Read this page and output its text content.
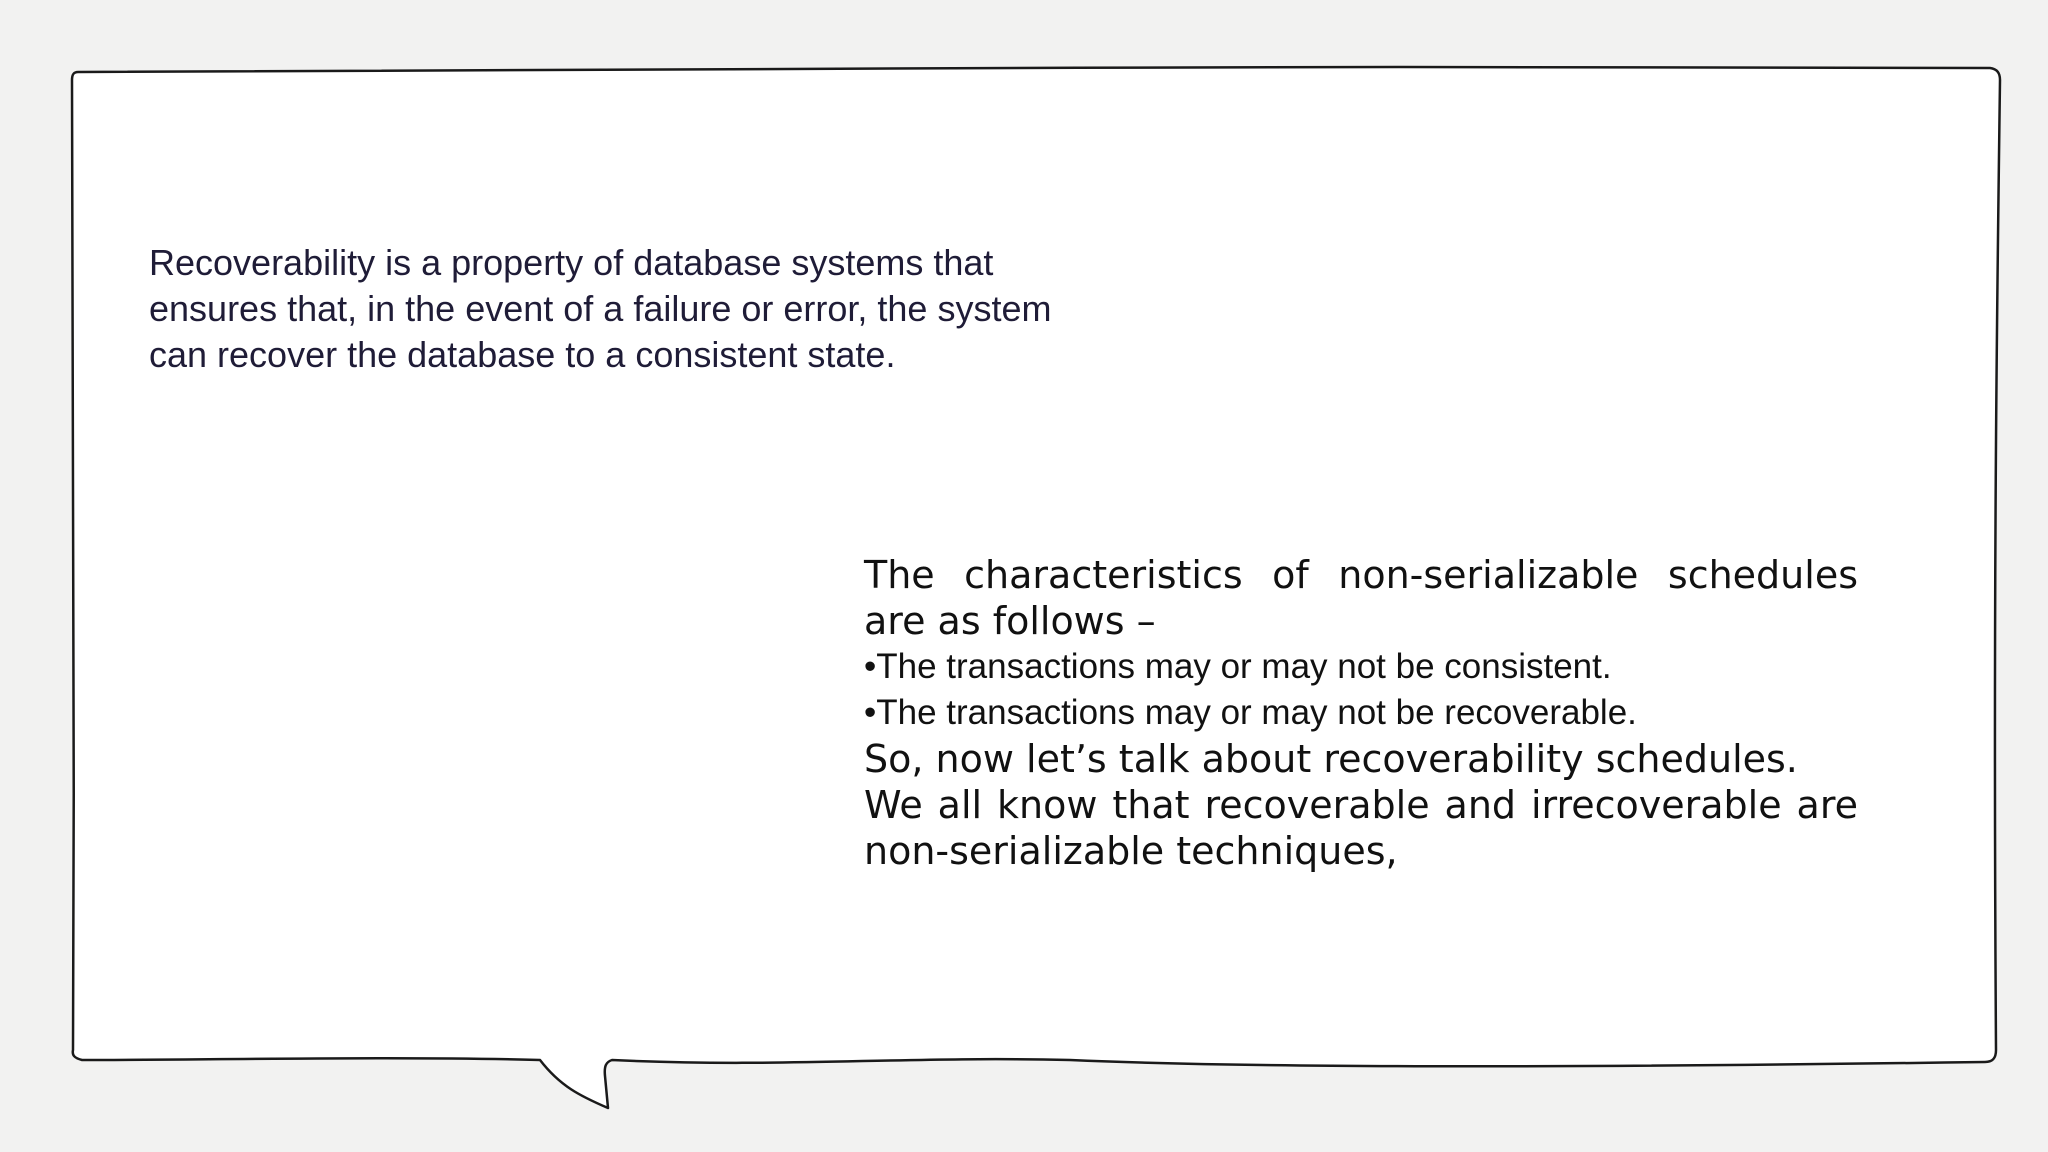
Recoverability is a property of database systems that
ensures that, in the event of a failure or error, the system
can recover the database to a consistent state.

The characteristics of non-serializable schedules are as follows –

•The transactions may or may not be consistent.

•The transactions may or may not be recoverable.

So, now let’s talk about recoverability schedules.

We all know that recoverable and irrecoverable are non-serializable techniques,
